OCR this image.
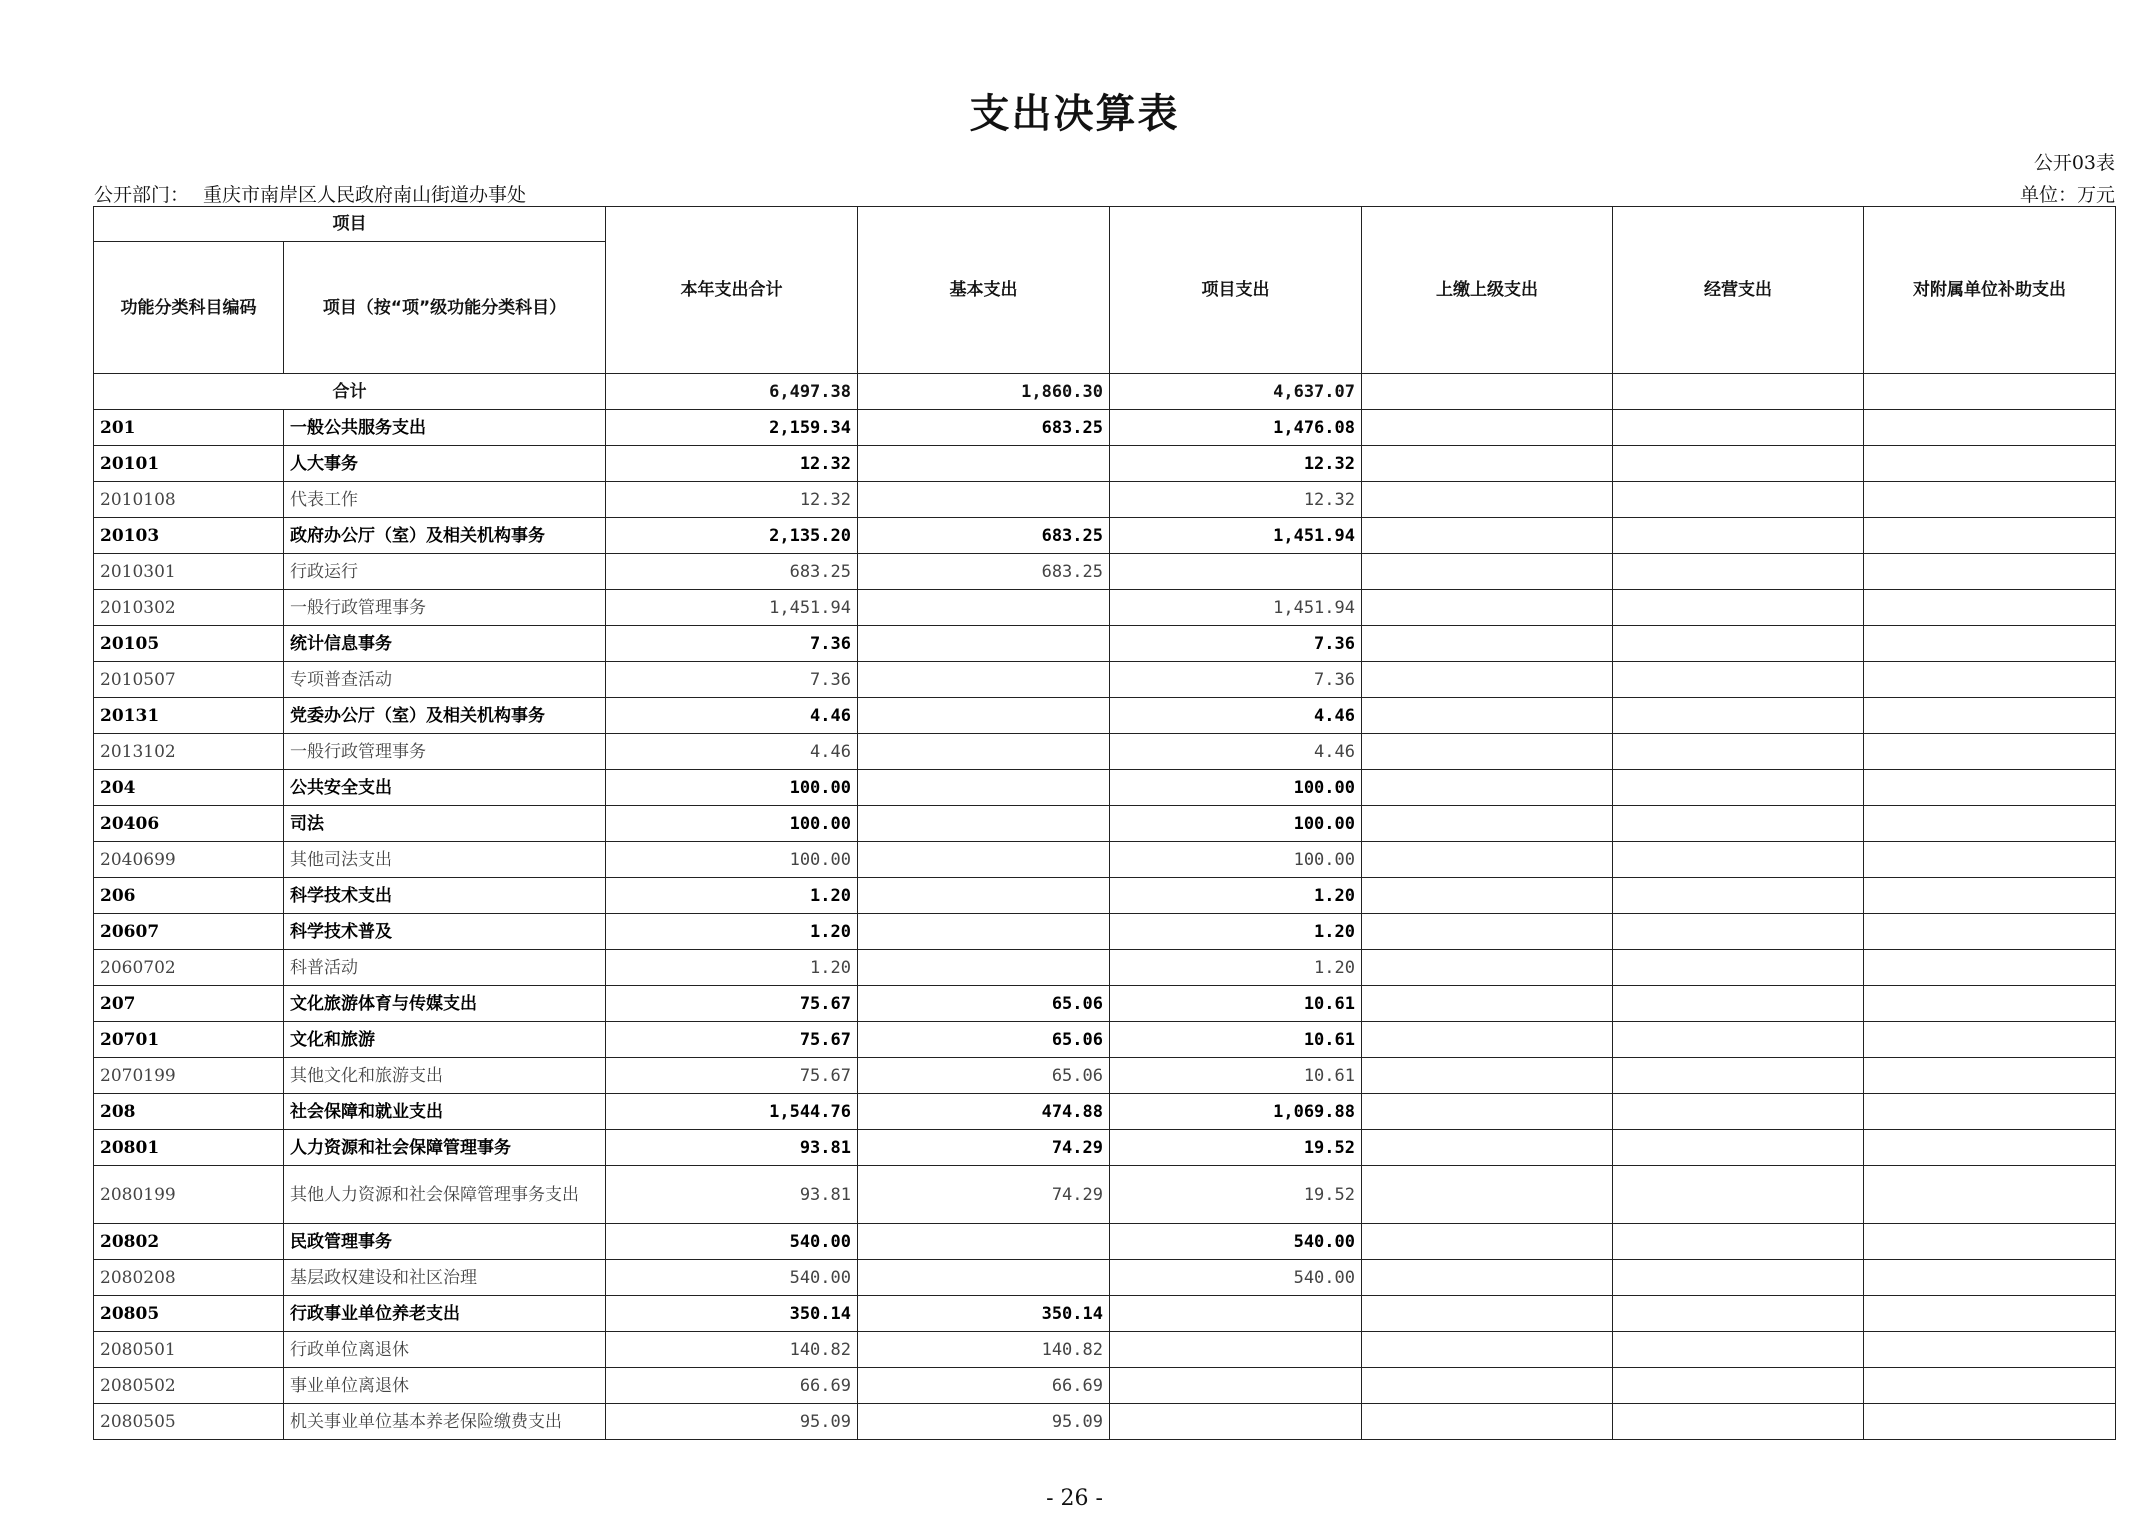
支出决算表
公开03表
公开部门： 重庆市南岸区人民政府南山街道办事处	单位：万元
项目		本年支出合计	基本支出	项目支出	上缴上级支出	经营支出	对附属单位补助支出
功能分类科目编码	项目（按“项”级功能分类科目）						
合计		6,497.38	1,860.30	4,637.07			
201	一般公共服务支出	2,159.34	683.25	1,476.08			
20101	人大事务	12.32		12.32			
2010108	代表工作	12.32		12.32			
20103	政府办公厅（室）及相关机构事务	2,135.20	683.25	1,451.94			
2010301	行政运行	683.25	683.25				
2010302	一般行政管理事务	1,451.94		1,451.94			
20105	统计信息事务	7.36		7.36			
2010507	专项普查活动	7.36		7.36			
20131	党委办公厅（室）及相关机构事务	4.46		4.46			
2013102	一般行政管理事务	4.46		4.46			
204	公共安全支出	100.00		100.00			
20406	司法	100.00		100.00			
2040699	其他司法支出	100.00		100.00			
206	科学技术支出	1.20		1.20			
20607	科学技术普及	1.20		1.20			
2060702	科普活动	1.20		1.20			
207	文化旅游体育与传媒支出	75.67	65.06	10.61			
20701	文化和旅游	75.67	65.06	10.61			
2070199	其他文化和旅游支出	75.67	65.06	10.61			
208	社会保障和就业支出	1,544.76	474.88	1,069.88			
20801	人力资源和社会保障管理事务	93.81	74.29	19.52			
2080199	其他人力资源和社会保障管理事务支出	93.81	74.29	19.52			
20802	民政管理事务	540.00		540.00			
2080208	基层政权建设和社区治理	540.00		540.00			
20805	行政事业单位养老支出	350.14	350.14				
2080501	行政单位离退休	140.82	140.82				
2080502	事业单位离退休	66.69	66.69				
2080505	机关事业单位基本养老保险缴费支出	95.09	95.09				
- 26 -
